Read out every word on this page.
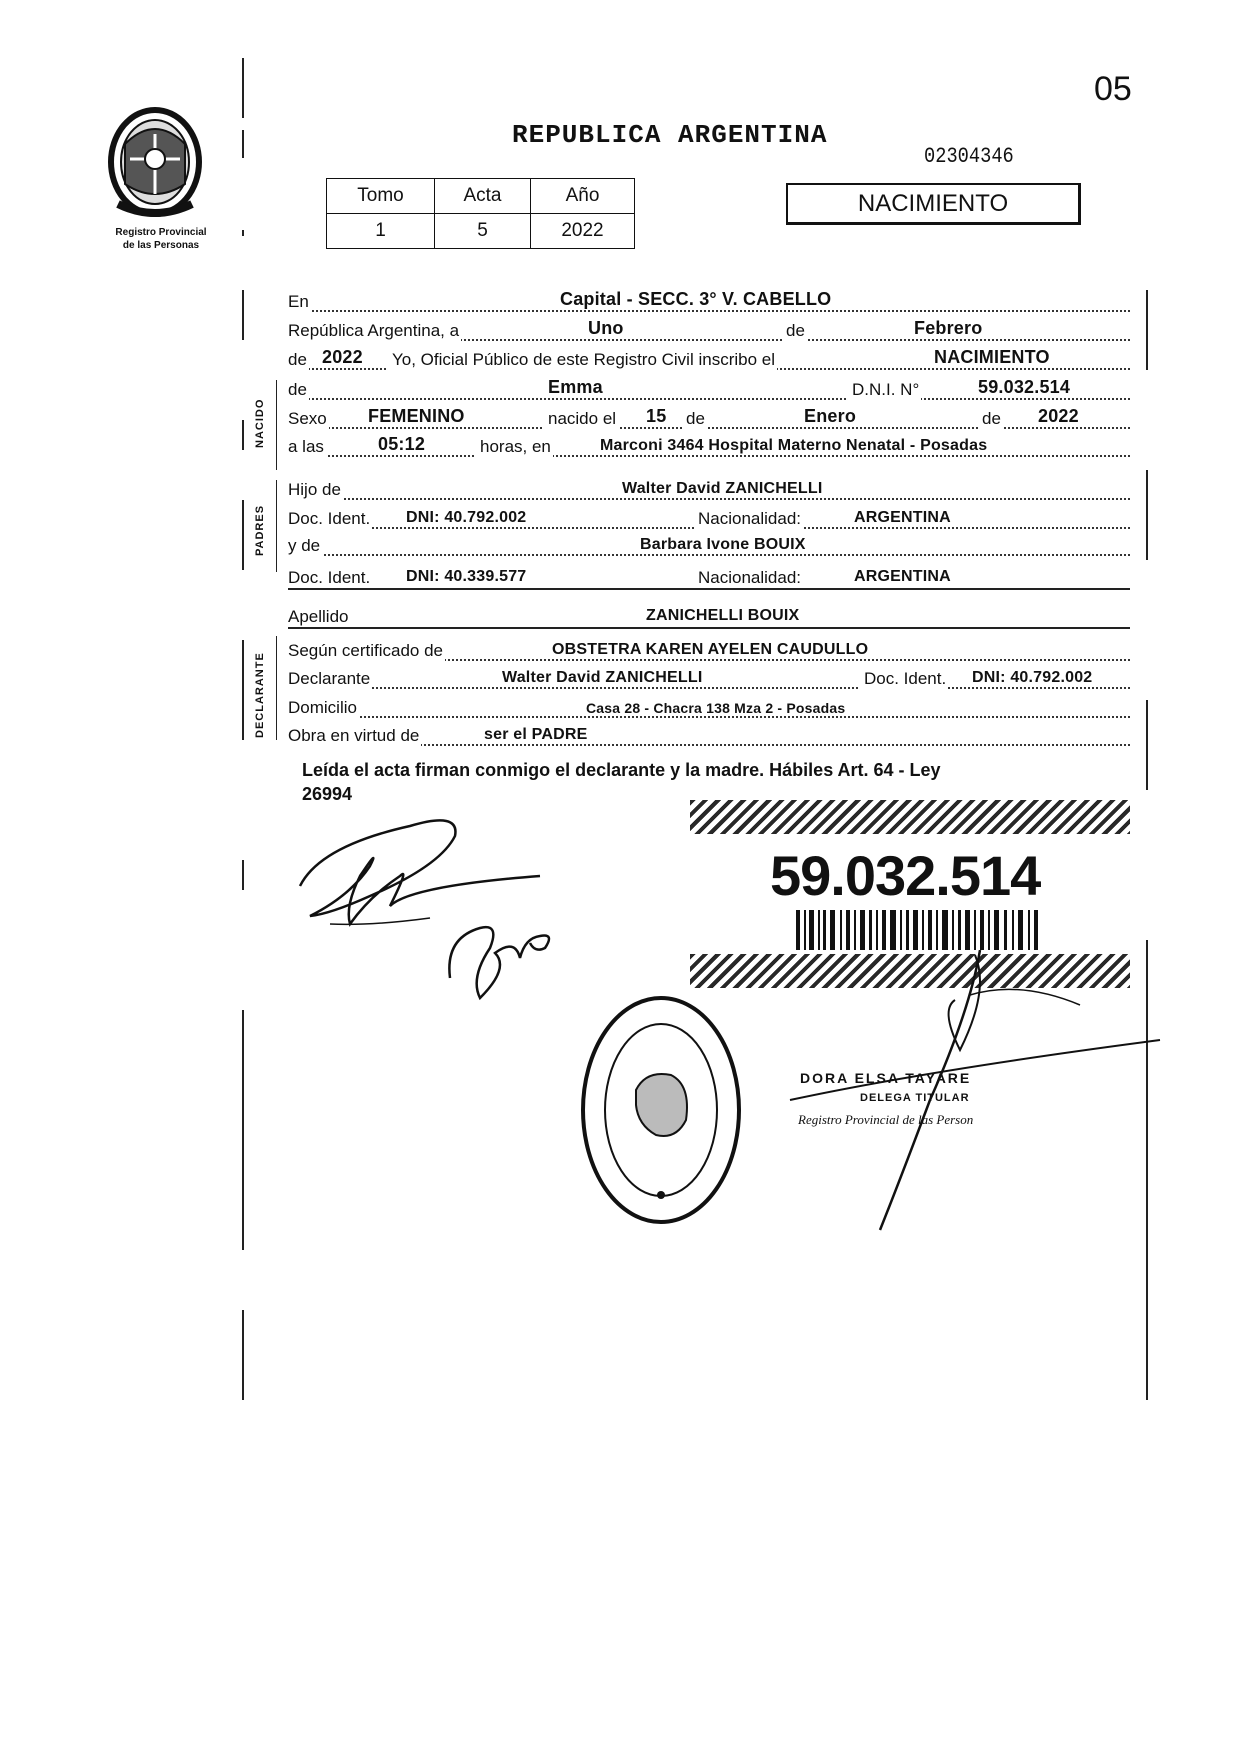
05
Registro Provincial
de las Personas
REPUBLICA ARGENTINA
02304346
Tomo	Acta	Año
1	5	2022
NACIMIENTO
NACIDO
PADRES
DECLARANTE
En	Capital - SECC. 3° V. CABELLO
República Argentina, a	Uno	de	Febrero
de 2022 Yo, Oficial Público de este Registro Civil inscribo el	NACIMIENTO
de	Emma	D.N.I. N°	59.032.514
Sexo FEMENINO	nacido el 15 de	Enero	de 2022
a las	05:12	horas, en	Marconi 3464 Hospital Materno Nenatal - Posadas
Hijo de	Walter David ZANICHELLI
Doc. Ident. DNI: 40.792.002	Nacionalidad:	ARGENTINA
y de	Barbara Ivone BOUIX
Doc. Ident. DNI: 40.339.577	Nacionalidad:	ARGENTINA
Apellido	ZANICHELLI BOUIX
Según certificado de	OBSTETRA KAREN AYELEN CAUDULLO
Declarante	Walter David ZANICHELLI	Doc. Ident. DNI: 40.792.002
Domicilio	Casa 28 - Chacra 138 Mza 2 - Posadas
Obra en virtud de	ser el PADRE
Leída el acta firman conmigo el declarante y la madre. Hábiles Art. 64 - Ley
26994
59.032.514
DORA ELSA TAYARE
DELEGA TITULAR
Registro Provincial de las Person
